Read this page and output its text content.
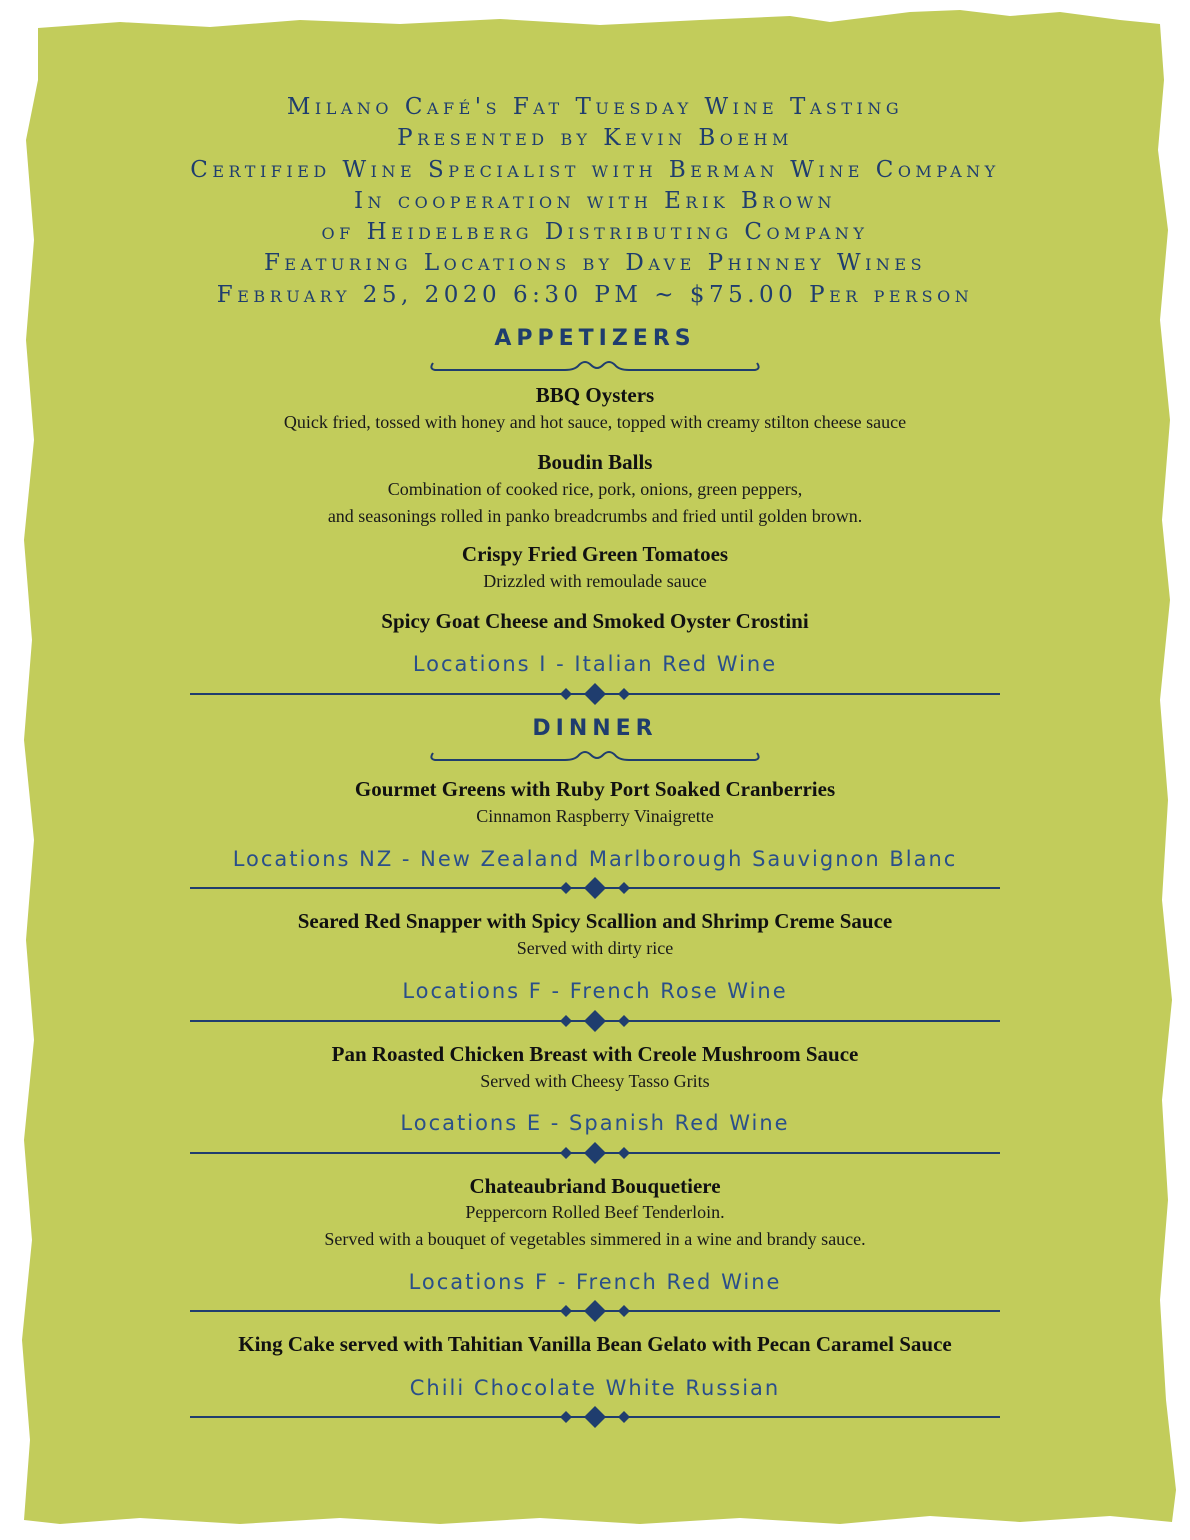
Milano Café's Fat Tuesday Wine Tasting
Presented by Kevin Boehm
Certified Wine Specialist with Berman Wine Company
In cooperation with Erik Brown
of Heidelberg Distributing Company
Featuring Locations by Dave Phinney Wines
February 25, 2020 6:30 PM ~ $75.00 Per person
APPETIZERS
BBQ Oysters
Quick fried, tossed with honey and hot sauce, topped with creamy stilton cheese sauce
Boudin Balls
Combination of cooked rice, pork, onions, green peppers,
and seasonings rolled in panko breadcrumbs and fried until golden brown.
Crispy Fried Green Tomatoes
Drizzled with remoulade sauce
Spicy Goat Cheese and Smoked Oyster Crostini
Locations I - Italian Red Wine
DINNER
Gourmet Greens with Ruby Port Soaked Cranberries
Cinnamon Raspberry Vinaigrette
Locations NZ - New Zealand Marlborough Sauvignon Blanc
Seared Red Snapper with Spicy Scallion and Shrimp Creme Sauce
Served with dirty rice
Locations F - French Rose Wine
Pan Roasted Chicken Breast with Creole Mushroom Sauce
Served with Cheesy Tasso Grits
Locations E - Spanish Red Wine
Chateaubriand Bouquetiere
Peppercorn Rolled Beef Tenderloin.
Served with a bouquet of vegetables simmered in a wine and brandy sauce.
Locations F - French Red Wine
King Cake served with Tahitian Vanilla Bean Gelato with Pecan Caramel Sauce
Chili Chocolate White Russian
